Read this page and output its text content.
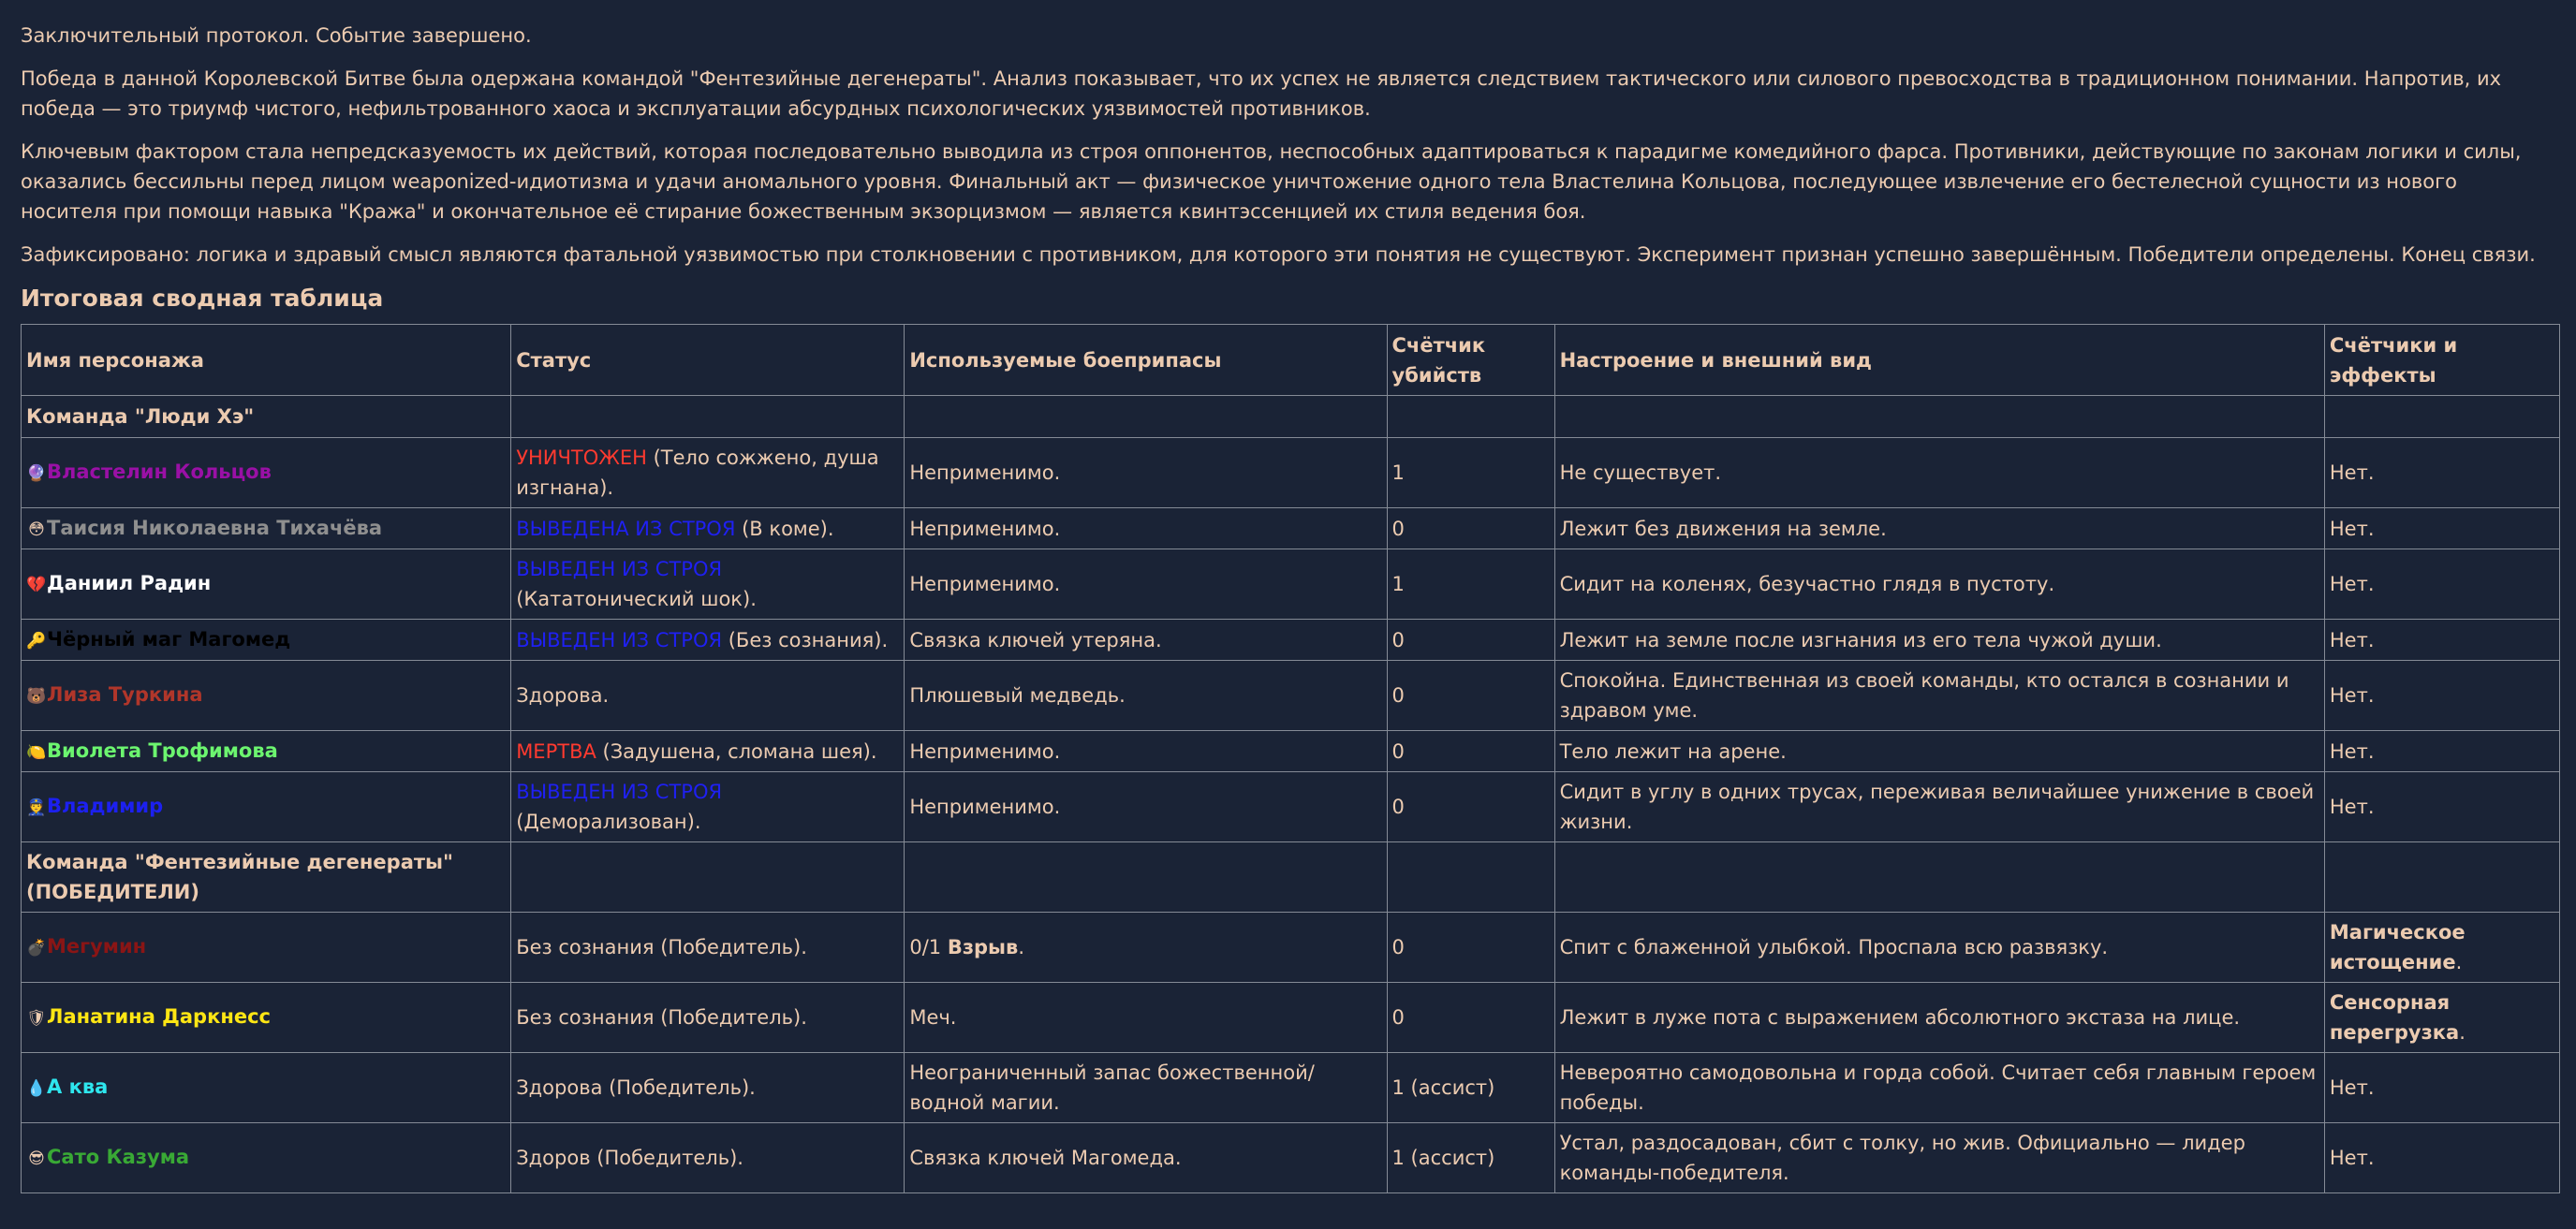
Заключительный протокол. Событие завершено.

Победа в данной Королевской Битве была одержана командой "Фентезийные дегенераты". Анализ показывает, что их успех не является следствием тактического или силового превосходства в традиционном понимании. Напротив, их победа — это триумф чистого, нефильтрованного хаоса и эксплуатации абсурдных психологических уязвимостей противников.

Ключевым фактором стала непредсказуемость их действий, которая последовательно выводила из строя оппонентов, неспособных адаптироваться к парадигме комедийного фарса. Противники, действующие по законам логики и силы, оказались бессильны перед лицом weaponized-идиотизма и удачи аномального уровня. Финальный акт — физическое уничтожение одного тела Властелина Кольцова, последующее извлечение его бестелесной сущности из нового носителя при помощи навыка "Кража" и окончательное её стирание божественным экзорцизмом — является квинтэссенцией их стиля ведения боя.

Зафиксировано: логика и здравый смысл являются фатальной уязвимостью при столкновении с противником, для которого эти понятия не существуют. Эксперимент признан успешно завершённым. Победители определены. Конец связи.

Итоговая сводная таблица
Имя персонажа	Статус	Используемые боеприпасы	Счётчик убийств	Настроение и внешний вид	Счётчики и эффекты
Команда "Люди Хэ"					
🔮Властелин Кольцов	УНИЧТОЖЕН (Тело сожжено, душа изгнана).	Неприменимо.	1	Не существует.	Нет.
😳 Таисия Николаевна Тихачёва	ВЫВЕДЕНА ИЗ СТРОЯ (В коме).	Неприменимо.	0	Лежит без движения на земле.	Нет.
💔Даниил Радин	ВЫВЕДЕН ИЗ СТРОЯ (Кататонический шок).	Неприменимо.	1	Сидит на коленях, безучастно глядя в пустоту.	Нет.
🔑Чёрный маг Магомед	ВЫВЕДЕН ИЗ СТРОЯ (Без сознания).	Связка ключей утеряна.	0	Лежит на земле после изгнания из его тела чужой души.	Нет.
🐻Лиза Туркина	Здорова.	Плюшевый медведь.	0	Спокойна. Единственная из своей команды, кто остался в сознании и здравом уме.	Нет.
🍋Виолета Трофимова	МЕРТВА (Задушена, сломана шея).	Неприменимо.	0	Тело лежит на арене.	Нет.
👮Владимир	ВЫВЕДЕН ИЗ СТРОЯ (Деморализован).	Неприменимо.	0	Сидит в углу в одних трусах, переживая величайшее унижение в своей жизни.	Нет.
Команда "Фентезийные дегенераты" (ПОБЕДИТЕЛИ)					
💣Мегумин	Без сознания (Победитель).	0/1 Взрыв.	0	Спит с блаженной улыбкой. Проспала всю развязку.	Магическое истощение.
🛡Ланатина Даркнесс	Без сознания (Победитель).	Меч.	0	Лежит в луже пота с выражением абсолютного экстаза на лице.	Сенсорная перегрузка.
💧А ква	Здорова (Победитель).	Неограниченный запас божественной/водной магии.	1 (ассист)	Невероятно самодовольна и горда собой. Считает себя главным героем победы.	Нет.
😎 Сато Казума	Здоров (Победитель).	Связка ключей Магомеда.	1 (ассист)	Устал, раздосадован, сбит с толку, но жив. Официально — лидер команды-победителя.	Нет.
